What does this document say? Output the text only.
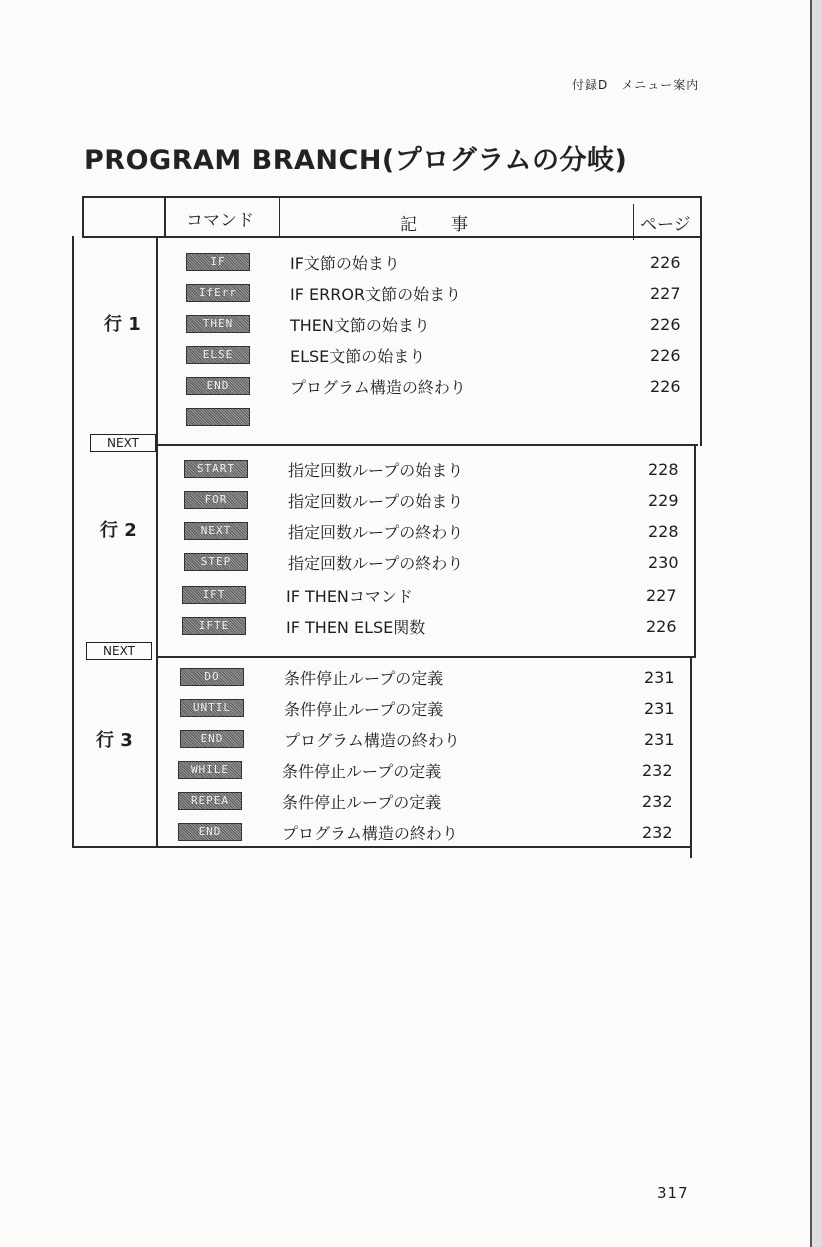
付録D　メニュー案内
PROGRAM BRANCH(プログラムの分岐)
コマンド	記　　事	ページ
行 1
行 2
行 3
NEXT
NEXT
IF	IF文節の始まり	226
IfErr	IF ERROR文節の始まり	227
THEN	THEN文節の始まり	226
ELSE	ELSE文節の始まり	226
END	プログラム構造の終わり	226
START	指定回数ループの始まり	228
FOR	指定回数ループの始まり	229
NEXT	指定回数ループの終わり	228
STEP	指定回数ループの終わり	230
IFT	IF THENコマンド	227
IFTE	IF THEN ELSE関数	226
DO	条件停止ループの定義	231
UNTIL	条件停止ループの定義	231
END	プログラム構造の終わり	231
WHILE	条件停止ループの定義	232
REPEA	条件停止ループの定義	232
END	プログラム構造の終わり	232
317
